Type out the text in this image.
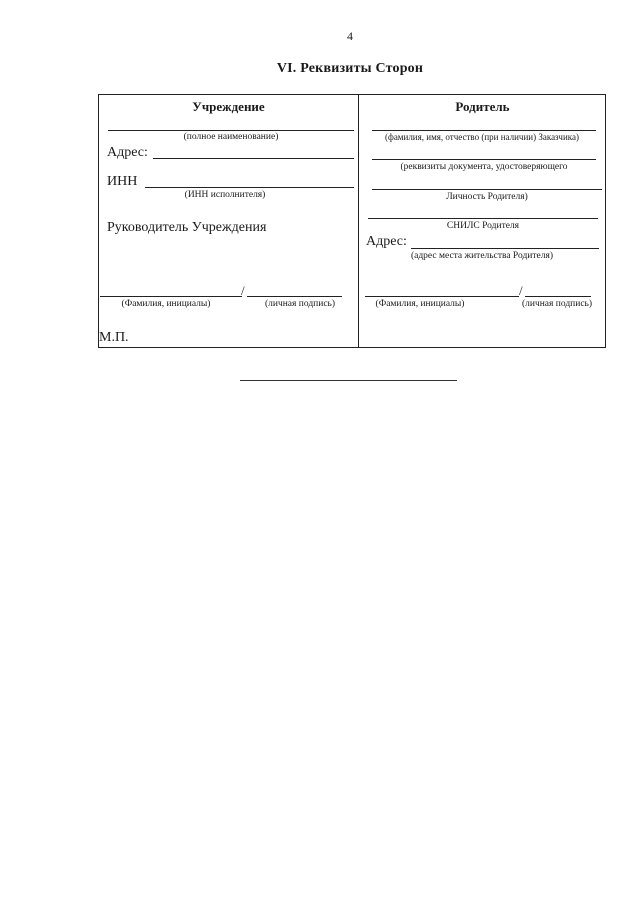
4
VI. Реквизиты Сторон
Учреждение
(полное наименование)
Адрес:
ИНН
(ИНН исполнителя)
Руководитель Учреждения
/
(Фамилия, инициалы)	(личная подпись)
М.П.
Родитель
(фамилия, имя, отчество (при наличии) Заказчика)
(реквизиты документа, удостоверяющего
Личность Родителя)
СНИЛС Родителя
Адрес:
(адрес места жительства Родителя)
/
(Фамилия, инициалы)	(личная подпись)
